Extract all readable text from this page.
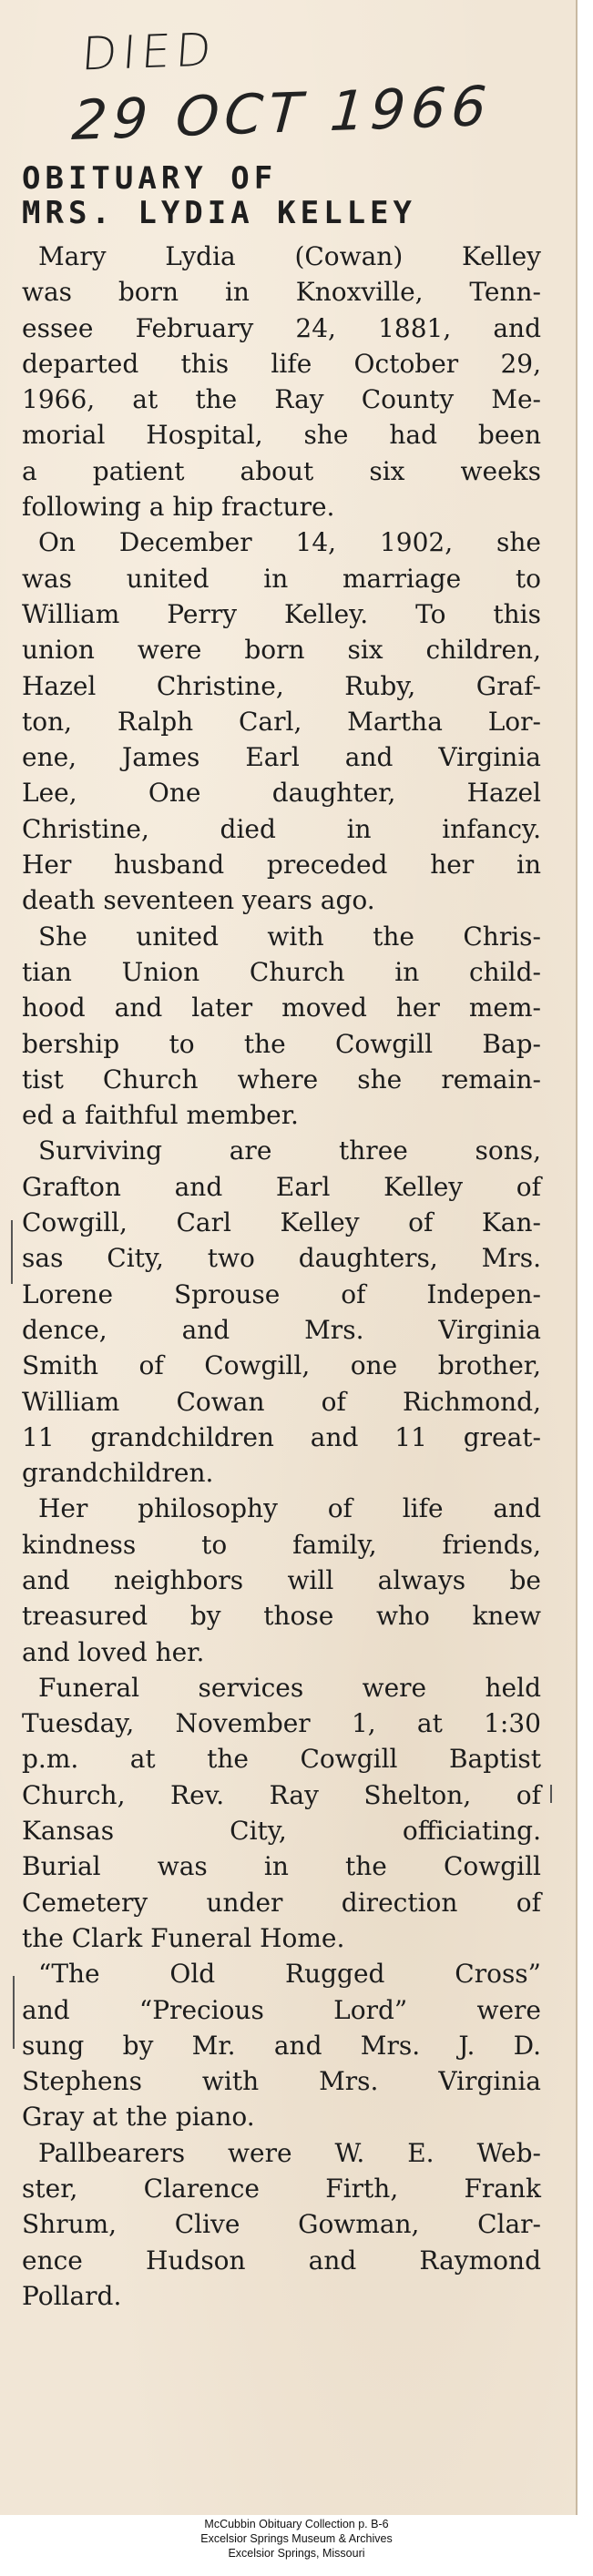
DIED
29 OCT 1966
OBITUARY OF
MRS. LYDIA KELLEY
Mary Lydia (Cowan) Kelley
was born in Knoxville, Tenn-
essee February 24, 1881, and
departed this life October 29,
1966, at the Ray County Me-
morial Hospital, she had been
a patient about six weeks
following a hip fracture.
On December 14, 1902, she
was united in marriage to
William Perry Kelley. To this
union were born six children,
Hazel Christine, Ruby, Graf-
ton, Ralph Carl, Martha Lor-
ene, James Earl and Virginia
Lee, One daughter, Hazel
Christine, died in infancy.
Her husband preceded her in
death seventeen years ago.
She united with the Chris-
tian Union Church in child-
hood and later moved her mem-
bership to the Cowgill Bap-
tist Church where she remain-
ed a faithful member.
Surviving are three sons,
Grafton and Earl Kelley of
Cowgill, Carl Kelley of Kan-
sas City, two daughters, Mrs.
Lorene Sprouse of Indepen-
dence, and Mrs. Virginia
Smith of Cowgill, one brother,
William Cowan of Richmond,
11 grandchildren and 11 great-
grandchildren.
Her philosophy of life and
kindness to family, friends,
and neighbors will always be
treasured by those who knew
and loved her.
Funeral services were held
Tuesday, November 1, at 1:30
p.m. at the Cowgill Baptist
Church, Rev. Ray Shelton, of
Kansas City, officiating.
Burial was in the Cowgill
Cemetery under direction of
the Clark Funeral Home.
“The Old Rugged Cross”
and “Precious Lord” were
sung by Mr. and Mrs. J. D.
Stephens with Mrs. Virginia
Gray at the piano.
Pallbearers were W. E. Web-
ster, Clarence Firth, Frank
Shrum, Clive Gowman, Clar-
ence Hudson and Raymond
Pollard.
McCubbin Obituary Collection p. B-6
Excelsior Springs Museum & Archives
Excelsior Springs, Missouri
